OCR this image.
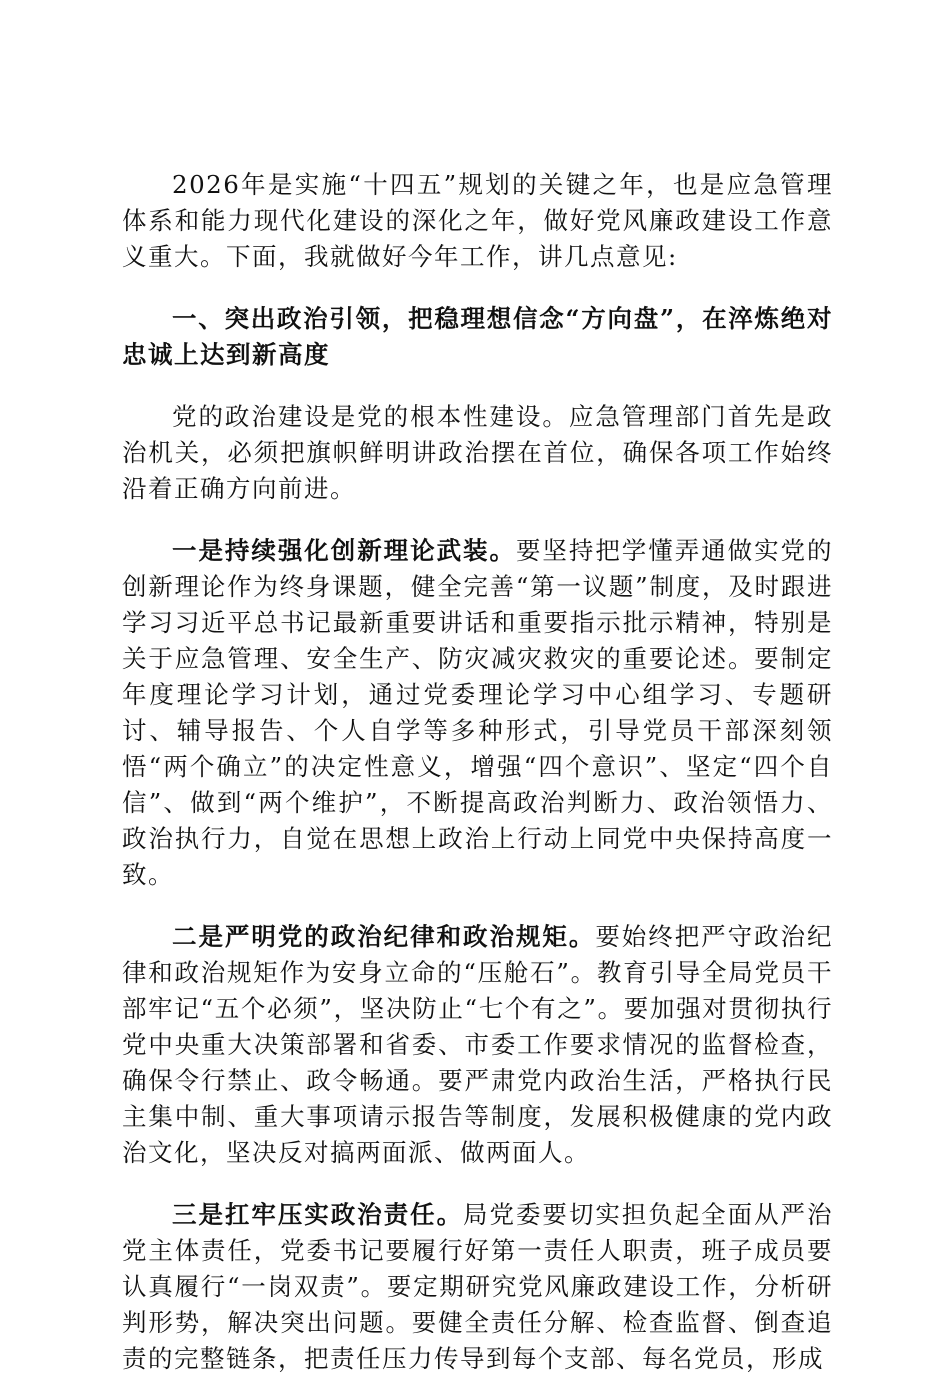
2026年是实施“十四五”规划的关键之年，也是应急管理体系和能力现代化建设的深化之年，做好党风廉政建设工作意义重大。下面，我就做好今年工作，讲几点意见:

一、突出政治引领，把稳理想信念“方向盘”，在淬炼绝对忠诚上达到新高度

党的政治建设是党的根本性建设。应急管理部门首先是政治机关，必须把旗帜鲜明讲政治摆在首位，确保各项工作始终沿着正确方向前进。

一是持续强化创新理论武装。要坚持把学懂弄通做实党的创新理论作为终身课题，健全完善“第一议题”制度，及时跟进学习习近平总书记最新重要讲话和重要指示批示精神，特别是关于应急管理、安全生产、防灾减灾救灾的重要论述。要制定年度理论学习计划，通过党委理论学习中心组学习、专题研讨、辅导报告、个人自学等多种形式，引导党员干部深刻领悟“两个确立”的决定性意义，增强“四个意识”、坚定“四个自信”、做到“两个维护”，不断提高政治判断力、政治领悟力、政治执行力，自觉在思想上政治上行动上同党中央保持高度一致。

二是严明党的政治纪律和政治规矩。要始终把严守政治纪律和政治规矩作为安身立命的“压舱石”。教育引导全局党员干部牢记“五个必须”，坚决防止“七个有之”。要加强对贯彻执行党中央重大决策部署和省委、市委工作要求情况的监督检查，确保令行禁止、政令畅通。要严肃党内政治生活，严格执行民主集中制、重大事项请示报告等制度，发展积极健康的党内政治文化，坚决反对搞两面派、做两面人。

三是扛牢压实政治责任。局党委要切实担负起全面从严治党主体责任，党委书记要履行好第一责任人职责，班子成员要认真履行“一岗双责”。要定期研究党风廉政建设工作，分析研判形势，解决突出问题。要健全责任分解、检查监督、倒查追责的完整链条，把责任压力传导到每个支部、每名党员，形成
